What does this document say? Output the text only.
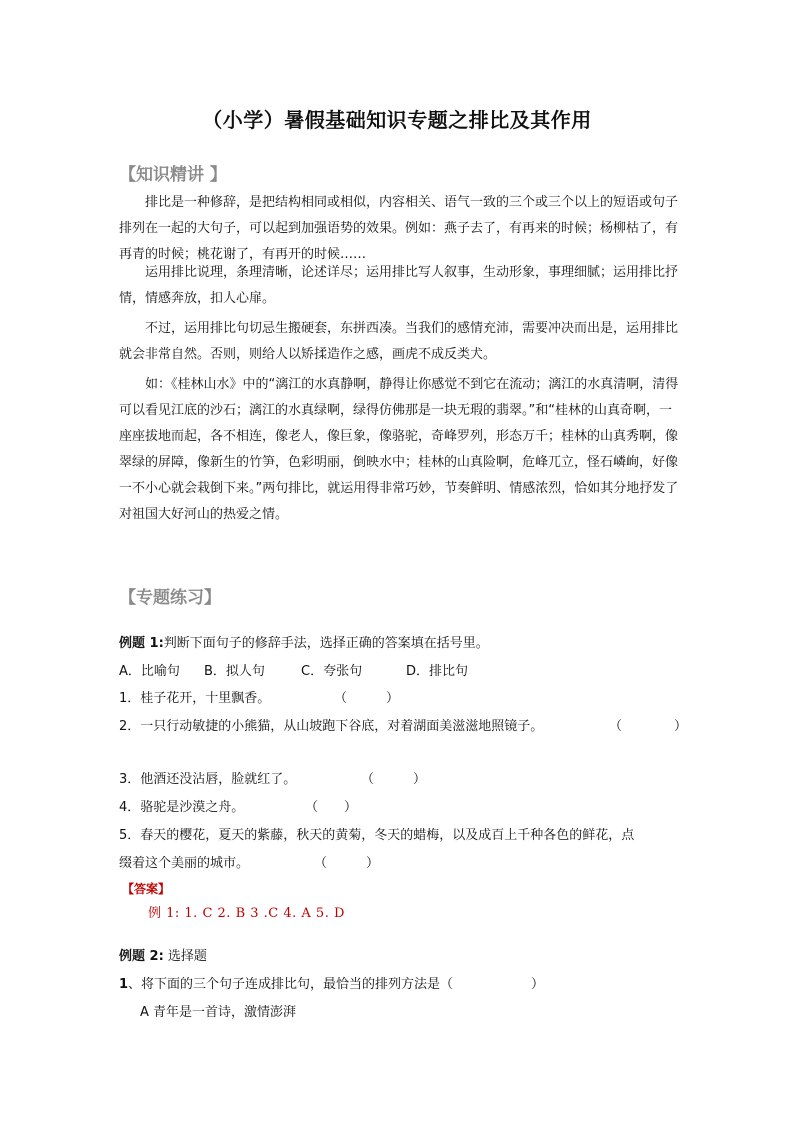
（小学）暑假基础知识专题之排比及其作用
【知识精讲 】

排比是一种修辞，是把结构相同或相似，内容相关、语气一致的三个或三个以上的短语或句子排列在一起的大句子，可以起到加强语势的效果。例如：燕子去了，有再来的时候；杨柳枯了，有再青的时候；桃花谢了，有再开的时候……

运用排比说理，条理清晰，论述详尽；运用排比写人叙事，生动形象，事理细腻；运用排比抒情，情感奔放，扣人心扉。

不过，运用排比句切忌生搬硬套，东拼西凑。当我们的感情充沛，需要冲决而出是，运用排比就会非常自然。否则，则给人以矫揉造作之感，画虎不成反类犬。

如：《桂林山水》中的“漓江的水真静啊，静得让你感觉不到它在流动；漓江的水真清啊，清得可以看见江底的沙石；漓江的水真绿啊，绿得仿佛那是一块无瑕的翡翠。”和“桂林的山真奇啊，一座座拔地而起，各不相连，像老人，像巨象，像骆驼，奇峰罗列，形态万千；桂林的山真秀啊，像翠绿的屏障，像新生的竹笋，色彩明丽，倒映水中；桂林的山真险啊，危峰兀立，怪石嶙峋，好像一不小心就会栽倒下来。”两句排比，就运用得非常巧妙，节奏鲜明、情感浓烈，恰如其分地抒发了对祖国大好河山的热爱之情。

【专题练习】
例题 1:判断下面句子的修辞手法，选择正确的答案填在括号里。
A．比喻句 B．拟人句	C．夸张句	D．排比句
1．桂子花开，十里飘香。	（　　　）
2．一只行动敏捷的小熊猫，从山坡跑下谷底，对着湖面美滋滋地照镜子。	（　　　　）
3．他酒还没沾唇，脸就红了。	（　　　）
4．骆驼是沙漠之舟。	（　　）
5．春天的樱花，夏天的紫藤，秋天的黄菊，冬天的蜡梅，以及成百上千种各色的鲜花，点
缀着这个美丽的城市。	（　　　）
【答案】
例 1: 1. C 2. B 3 .C 4. A 5. D
例题 2: 选择题
1、将下面的三个句子连成排比句，最恰当的排列方法是（　　　　　　）
A 青年是一首诗，激情澎湃
